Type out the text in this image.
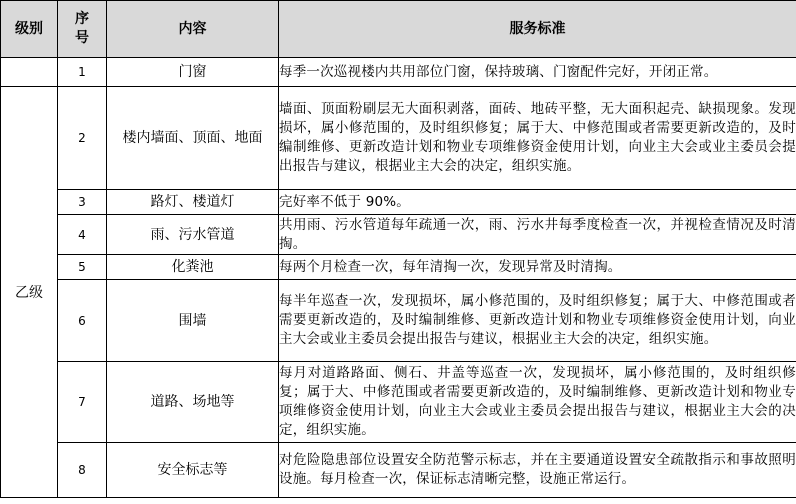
级别	序号	内容	服务标准
	1	门窗	每季一次巡视楼内共用部位门窗，保持玻璃、门窗配件完好，开闭正常。
乙级	2	楼内墙面、顶面、地面	墙面、顶面粉刷层无大面积剥落，面砖、地砖平整，无大面积起壳、缺损现象。发现损坏，属小修范围的，及时组织修复；属于大、中修范围或者需要更新改造的，及时编制维修、更新改造计划和物业专项维修资金使用计划，向业主大会或业主委员会提出报告与建议，根据业主大会的决定，组织实施。
	3	路灯、楼道灯	完好率不低于 90%。
	4	雨、污水管道	共用雨、污水管道每年疏通一次，雨、污水井每季度检查一次，并视检查情况及时清掏。
	5	化粪池	每两个月检查一次，每年清掏一次，发现异常及时清掏。
	6	围墙	每半年巡查一次，发现损坏，属小修范围的，及时组织修复；属于大、中修范围或者需要更新改造的，及时编制维修、更新改造计划和物业专项维修资金使用计划，向业主大会或业主委员会提出报告与建议，根据业主大会的决定，组织实施。
	7	道路、场地等	每月对道路路面、侧石、井盖等巡查一次，发现损坏，属小修范围的，及时组织修复；属于大、中修范围或者需要更新改造的，及时编制维修、更新改造计划和物业专项维修资金使用计划，向业主大会或业主委员会提出报告与建议，根据业主大会的决定，组织实施。
	8	安全标志等	对危险隐患部位设置安全防范警示标志，并在主要通道设置安全疏散指示和事故照明设施。每月检查一次，保证标志清晰完整，设施正常运行。
